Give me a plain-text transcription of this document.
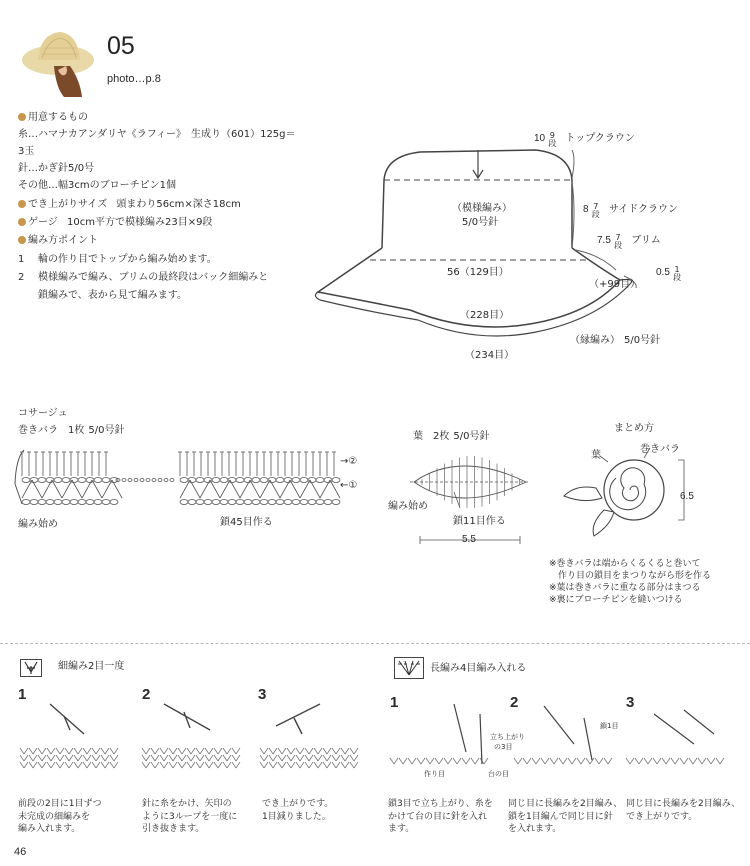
05
photo…p.8
用意するもの
糸…ハマナカアンダリヤ《ラフィー》　生成り（601）125g＝
3玉
針…かぎ針5/0号
その他…幅3cmのブローチピン1個
でき上がりサイズ 頭まわり56cm×深さ18cm
ゲージ 10cm平方で模様編み23目×9段
編み方ポイント
1 輪の作り目でトップから編み始めます。
2 模様編みで編み、ブリムの最終段はバック細編みと
鎖編みで、表から見て編みます。
（模様編み）
5/0号針
10 9
段 トップクラウン
8 7
段 サイドクラウン
7.5 7
段 ブリム
0.5 1
段
56（129目）
（+99目）
（228目）
（縁編み） 5/0号針
（234目）
コサージュ
巻きバラ 1枚 5/0号針
→②
←①
編み始め	鎖45目作る
葉 2枚 5/0号針
編み始め
鎖11目作る
5.5
まとめ方
葉
巻きバラ
6.5
※巻きバラは端からくるくると巻いて
　作り目の鎖目をまつりながら形を作る
※葉は巻きバラに重なる部分はまつる
※裏にブローチピンを縫いつける
細編み2目一度
1	2	3
前段の2目に1目ずつ
未完成の細編みを
編み入れます。
針に糸をかけ、矢印の
ように3ループを一度に
引き抜きます。
でき上がりです。
1目減りました。
長編み4目編み入れる
1	2	3
立ち上がり
の3目
作り目	台の目
鎖1目
鎖3目で立ち上がり、糸を
かけて台の目に針を入れ
ます。
同じ目に長編みを2目編み、
鎖を1目編んで同じ目に針
を入れます。
同じ目に長編みを2目編み、
でき上がりです。
46
